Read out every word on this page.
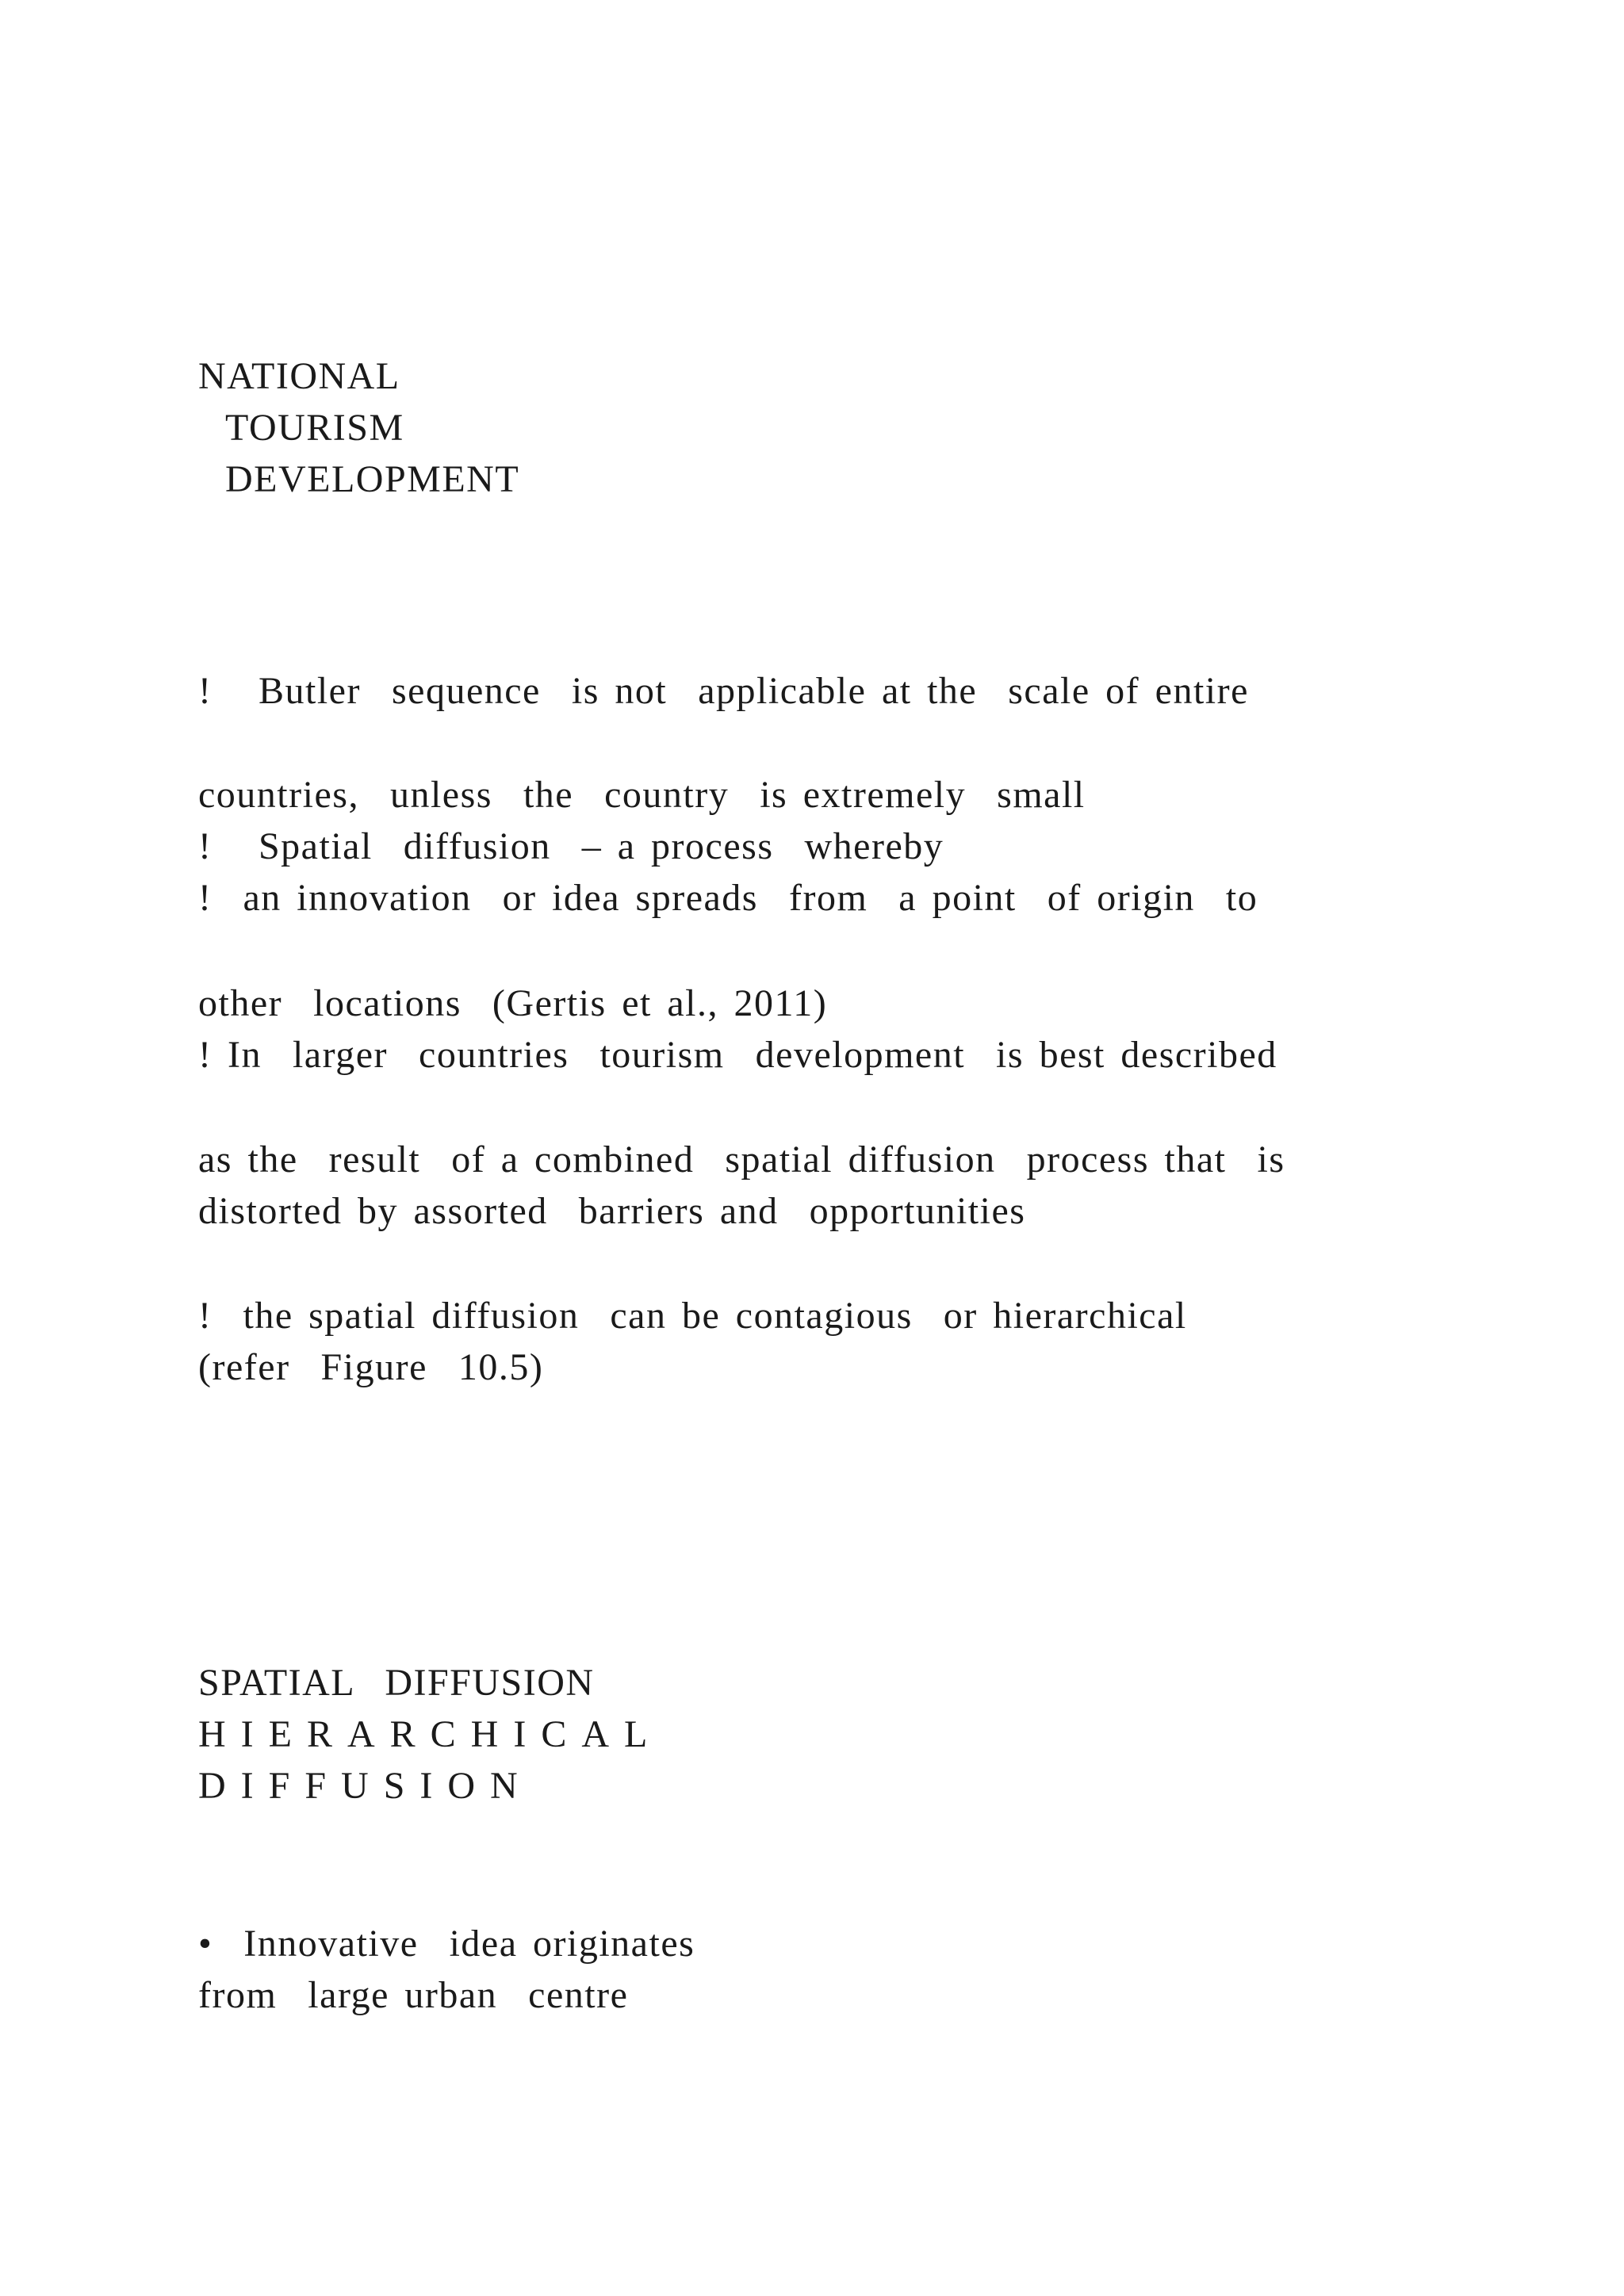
NATIONAL
TOURISM
DEVELOPMENT
!   Butler  sequence  is not  applicable at the  scale of entire
countries,  unless  the  country  is extremely  small
!   Spatial  diffusion  – a process  whereby
!  an innovation  or idea spreads  from  a point  of origin  to
other  locations  (Gertis et al., 2011)
! In  larger  countries  tourism  development  is best described
as the  result  of a combined  spatial diffusion  process that  is
distorted by assorted  barriers and  opportunities
!  the spatial diffusion  can be contagious  or hierarchical
(refer  Figure  10.5)
SPATIAL  DIFFUSION
HIERARCHICAL
DIFFUSION
•  Innovative  idea originates
from  large urban  centre
